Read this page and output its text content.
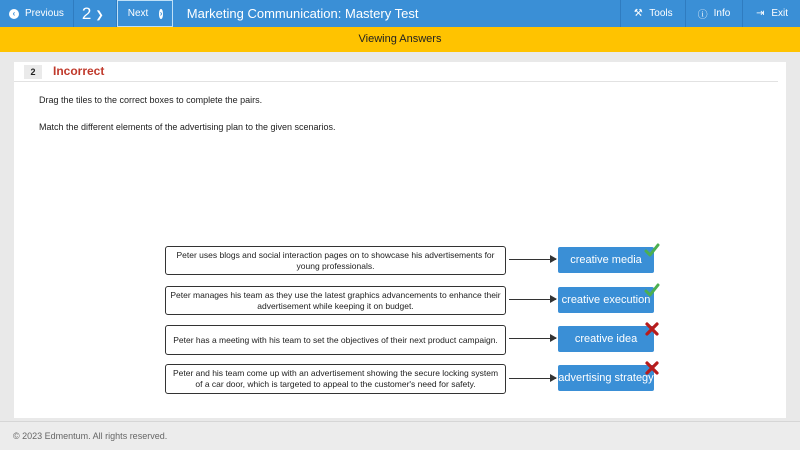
‹ Previous 2 ❯ Next › Marketing Communication: Mastery Test	⚒ Tools	ⓘ Info	⇥ Exit
Viewing Answers
2	Incorrect
Drag the tiles to the correct boxes to complete the pairs.
Match the different elements of the advertising plan to the given scenarios.
Peter uses blogs and social interaction pages on to showcase his advertisements for young professionals.	creative media
Peter manages his team as they use the latest graphics advancements to enhance their advertisement while keeping it on budget.	creative execution
Peter has a meeting with his team to set the objectives of their next product campaign.	creative idea
Peter and his team come up with an advertisement showing the secure locking system of a car door, which is targeted to appeal to the customer's need for safety.	advertising strategy
© 2023 Edmentum. All rights reserved.
